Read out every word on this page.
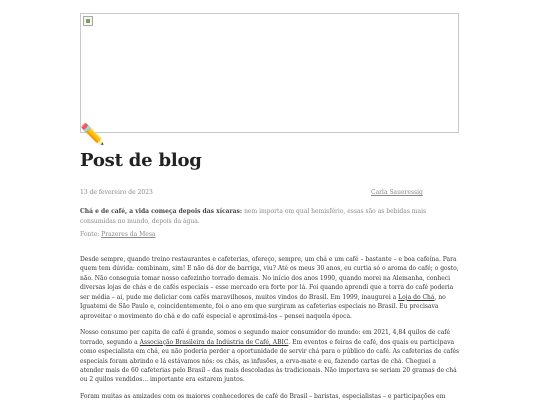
✏️
Post de blog
13 de fevereiro de 2023	Carla Saueressig
Chá e de café, a vida começa depois das xícaras: nem importa em qual hemisfério, essas são as bebidas mais consumidas no mundo, depois da água.
Fonte: Prazeres da Mesa

Desde sempre, quando treino restaurantes e cafeterias, ofereço, sempre, um chá e um café – bastante – e boa cafeína. Para quem tem dúvida: combinam, sim! E não dá dor de barriga, viu? Até os meus 30 anos, eu curtia só o aroma do café; o gosto, não. Não conseguia tomar nosso cafezinho torrado demais. No início dos anos 1990, quando morei na Alemanha, conheci diversas lojas de chás e de cafés especiais – esse mercado era forte por lá. Foi quando aprendi que a torra do café poderia ser média – ai, pude me deliciar com cafés maravilhosos, muitos vindos do Brasil. Em 1999, inaugurei a Loja do Chá, no Iguatemi de São Paulo e, coincidentemente, foi o ano em que surgiram as cafeterias especiais no Brasil. Eu precisava aproveitar o movimento do chá e do café especial e aproximá-los – pensei naquela época.

Nosso consumo per capita de café é grande, somos o segundo maior consumidor do mundo: em 2021, 4,84 quilos de café torrado, segundo a Associação Brasileira da Indústria de Café, ABIC. Em eventos e feiras de café, dos quais eu participava como especialista em chá, eu não poderia perder a oportunidade de servir chá para o público do café. As cafeterias de cafés especiais foram abrindo e lá estávamos nós: os chás, as infusões, a erva-mate e eu, fazendo cartas de chá. Cheguei a atender mais de 60 cafeterias pelo Brasil – das mais descoladas às tradicionais. Não importava se seriam 20 gramas de chá ou 2 quilos vendidos... importante era estarem juntos.

Foram muitas as amizades com os maiores conhecedores de café do Brasil – baristas, especialistas – e participações em
